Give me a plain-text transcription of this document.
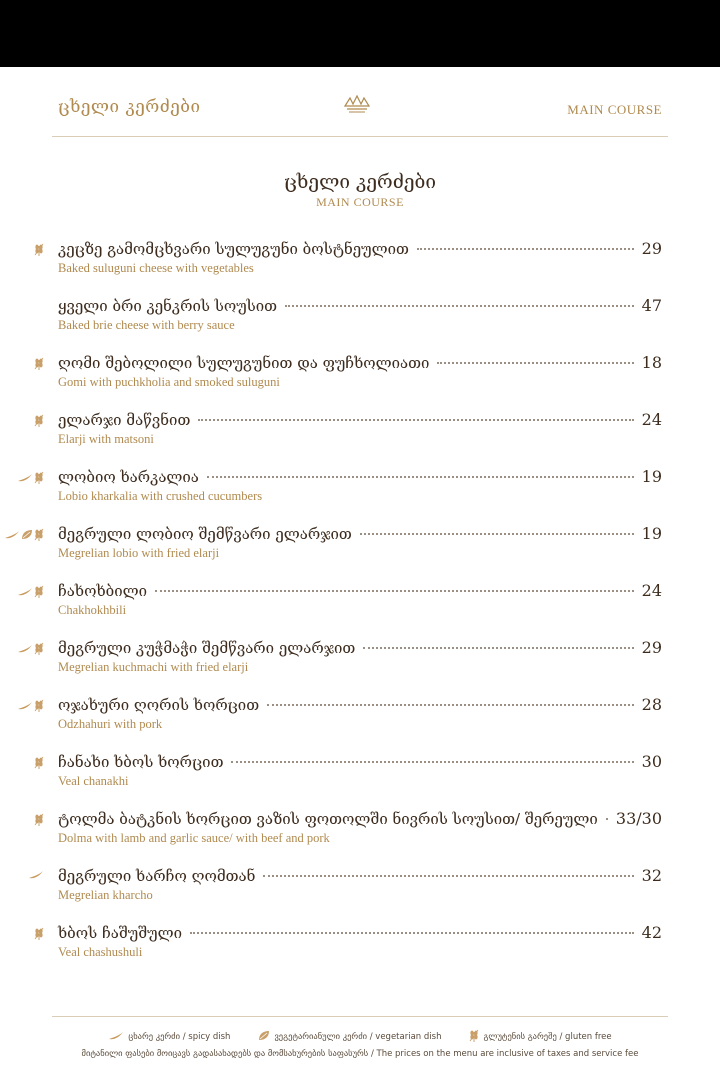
ცხელი კერძები	MAIN COURSE
ცხელი კერძები
MAIN COURSE
კეცზე გამომცხვარი სულუგუნი ბოსტნეულით	29
Baked suluguni cheese with vegetables
ყველი ბრი კენკრის სოუსით	47
Baked brie cheese with berry sauce
ღომი შებოლილი სულუგუნით და ფუჩხოლიათი	18
Gomi with puchkholia and smoked suluguni
ელარჯი მაწვნით	24
Elarji with matsoni
ლობიო ხარკალია	19
Lobio kharkalia with crushed cucumbers
მეგრული ლობიო შემწვარი ელარჯით	19
Megrelian lobio with fried elarji
ჩახოხბილი	24
Chakhokhbili
მეგრული კუჭმაჭი შემწვარი ელარჯით	29
Megrelian kuchmachi with fried elarji
ოჯახური ღორის ხორცით	28
Odzhahuri with pork
ჩანახი ხბოს ხორცით	30
Veal chanakhi
ტოლმა ბატკნის ხორცით ვაზის ფოთოლში ნივრის სოუსით/ შერეული 33/30
Dolma with lamb and garlic sauce/ with beef and pork
მეგრული ხარჩო ღომთან	32
Megrelian kharcho
ხბოს ჩაშუშული	42
Veal chashushuli
ცხარე კერძი / spicy dish	ვეგეტარიანული კერძი / vegetarian dish	გლუტენის გარეშე / gluten free
მიტანილი ფასები მოიცავს გადასახადებს და მომსახურების საფასურს / The prices on the menu are inclusive of taxes and service fee
